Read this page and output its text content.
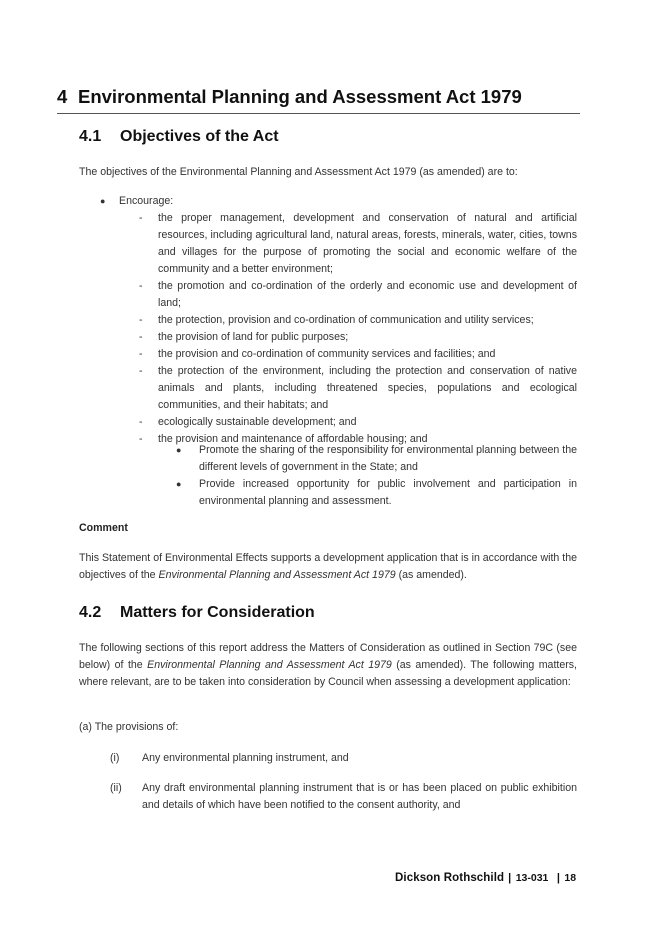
4 Environmental Planning and Assessment Act 1979
4.1 Objectives of the Act
The objectives of the Environmental Planning and Assessment Act 1979 (as amended) are to:
● Encourage:
- the proper management, development and conservation of natural and artificial resources, including agricultural land, natural areas, forests, minerals, water, cities, towns and villages for the purpose of promoting the social and economic welfare of the community and a better environment;
- the promotion and co-ordination of the orderly and economic use and development of land;
- the protection, provision and co-ordination of communication and utility services;
- the provision of land for public purposes;
- the provision and co-ordination of community services and facilities; and
- the protection of the environment, including the protection and conservation of native animals and plants, including threatened species, populations and ecological communities, and their habitats; and
- ecologically sustainable development; and
- the provision and maintenance of affordable housing; and
● Promote the sharing of the responsibility for environmental planning between the different levels of government in the State; and
● Provide increased opportunity for public involvement and participation in environmental planning and assessment.
Comment
This Statement of Environmental Effects supports a development application that is in accordance with the objectives of the Environmental Planning and Assessment Act 1979 (as amended).
4.2 Matters for Consideration
The following sections of this report address the Matters of Consideration as outlined in Section 79C (see below) of the Environmental Planning and Assessment Act 1979 (as amended). The following matters, where relevant, are to be taken into consideration by Council when assessing a development application:
(a) The provisions of:
(i) Any environmental planning instrument, and
(ii) Any draft environmental planning instrument that is or has been placed on public exhibition and details of which have been notified to the consent authority, and
Dickson Rothschild | 13-031 | 18
